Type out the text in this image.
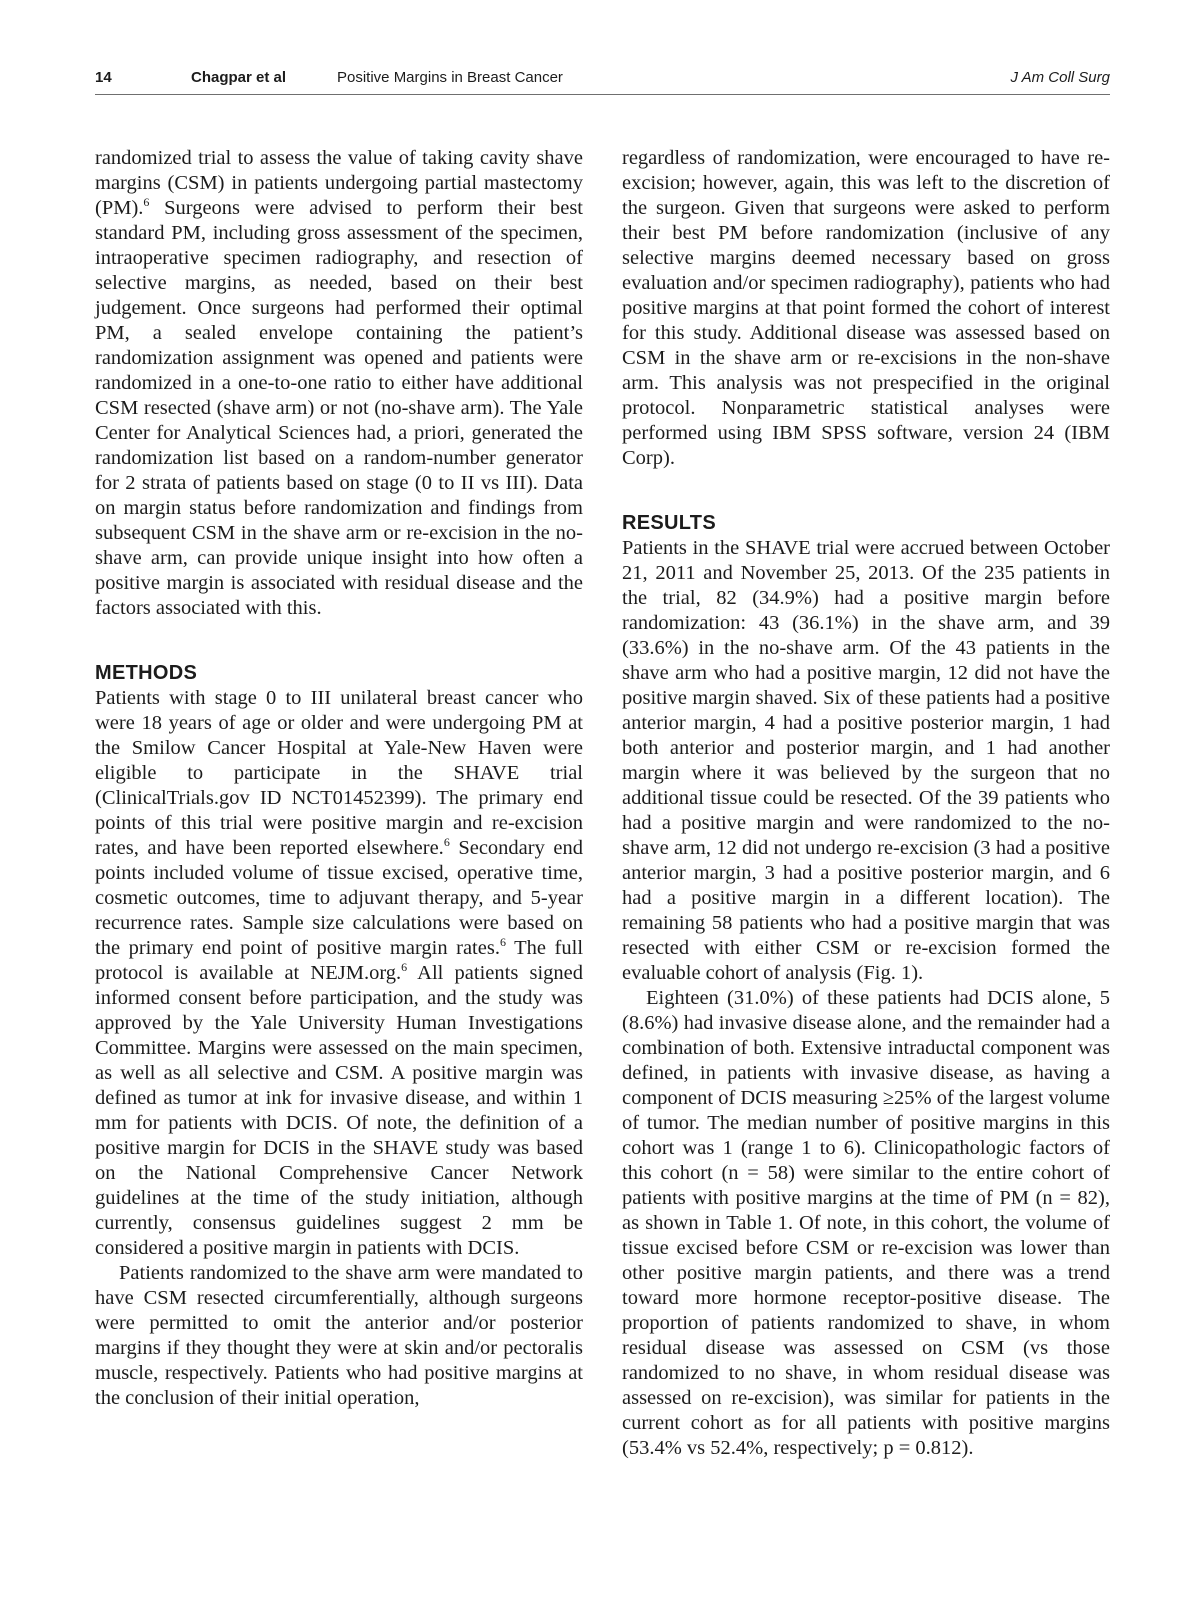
14	Chagpar et al	Positive Margins in Breast Cancer	J Am Coll Surg

randomized trial to assess the value of taking cavity shave margins (CSM) in patients undergoing partial mastectomy (PM).$^6$ Surgeons were advised to perform their best standard PM, including gross assessment of the specimen, intraoperative specimen radiography, and resection of selective margins, as needed, based on their best judgement. Once surgeons had performed their optimal PM, a sealed envelope containing the patient’s randomization assignment was opened and patients were randomized in a one-to-one ratio to either have additional CSM resected (shave arm) or not (no-shave arm). The Yale Center for Analytical Sciences had, a priori, generated the randomization list based on a random-number generator for 2 strata of patients based on stage (0 to II vs III). Data on margin status before randomization and findings from subsequent CSM in the shave arm or re-excision in the no-shave arm, can provide unique insight into how often a positive margin is associated with residual disease and the factors associated with this.

METHODS

Patients with stage 0 to III unilateral breast cancer who were 18 years of age or older and were undergoing PM at the Smilow Cancer Hospital at Yale-New Haven were eligible to participate in the SHAVE trial (ClinicalTrials.gov ID NCT01452399). The primary end points of this trial were positive margin and re-excision rates, and have been reported elsewhere.$^6$ Secondary end points included volume of tissue excised, operative time, cosmetic outcomes, time to adjuvant therapy, and 5-year recurrence rates. Sample size calculations were based on the primary end point of positive margin rates.$^6$ The full protocol is available at NEJM.org.$^6$ All patients signed informed consent before participation, and the study was approved by the Yale University Human Investigations Committee. Margins were assessed on the main specimen, as well as all selective and CSM. A positive margin was defined as tumor at ink for invasive disease, and within 1 mm for patients with DCIS. Of note, the definition of a positive margin for DCIS in the SHAVE study was based on the National Comprehensive Cancer Network guidelines at the time of the study initiation, although currently, consensus guidelines suggest 2 mm be considered a positive margin in patients with DCIS.

Patients randomized to the shave arm were mandated to have CSM resected circumferentially, although surgeons were permitted to omit the anterior and/or posterior margins if they thought they were at skin and/or pectoralis muscle, respectively. Patients who had positive margins at the conclusion of their initial operation,

regardless of randomization, were encouraged to have re-excision; however, again, this was left to the discretion of the surgeon. Given that surgeons were asked to perform their best PM before randomization (inclusive of any selective margins deemed necessary based on gross evaluation and/or specimen radiography), patients who had positive margins at that point formed the cohort of interest for this study. Additional disease was assessed based on CSM in the shave arm or re-excisions in the non-shave arm. This analysis was not prespecified in the original protocol. Nonparametric statistical analyses were performed using IBM SPSS software, version 24 (IBM Corp).

RESULTS

Patients in the SHAVE trial were accrued between October 21, 2011 and November 25, 2013. Of the 235 patients in the trial, 82 (34.9%) had a positive margin before randomization: 43 (36.1%) in the shave arm, and 39 (33.6%) in the no-shave arm. Of the 43 patients in the shave arm who had a positive margin, 12 did not have the positive margin shaved. Six of these patients had a positive anterior margin, 4 had a positive posterior margin, 1 had both anterior and posterior margin, and 1 had another margin where it was believed by the surgeon that no additional tissue could be resected. Of the 39 patients who had a positive margin and were randomized to the no-shave arm, 12 did not undergo re-excision (3 had a positive anterior margin, 3 had a positive posterior margin, and 6 had a positive margin in a different location). The remaining 58 patients who had a positive margin that was resected with either CSM or re-excision formed the evaluable cohort of analysis (Fig. 1).

Eighteen (31.0%) of these patients had DCIS alone, 5 (8.6%) had invasive disease alone, and the remainder had a combination of both. Extensive intraductal component was defined, in patients with invasive disease, as having a component of DCIS measuring ≥25% of the largest volume of tumor. The median number of positive margins in this cohort was 1 (range 1 to 6). Clinicopathologic factors of this cohort (n = 58) were similar to the entire cohort of patients with positive margins at the time of PM (n = 82), as shown in Table 1. Of note, in this cohort, the volume of tissue excised before CSM or re-excision was lower than other positive margin patients, and there was a trend toward more hormone receptor-positive disease. The proportion of patients randomized to shave, in whom residual disease was assessed on CSM (vs those randomized to no shave, in whom residual disease was assessed on re-excision), was similar for patients in the current cohort as for all patients with positive margins (53.4% vs 52.4%, respectively; p = 0.812).
